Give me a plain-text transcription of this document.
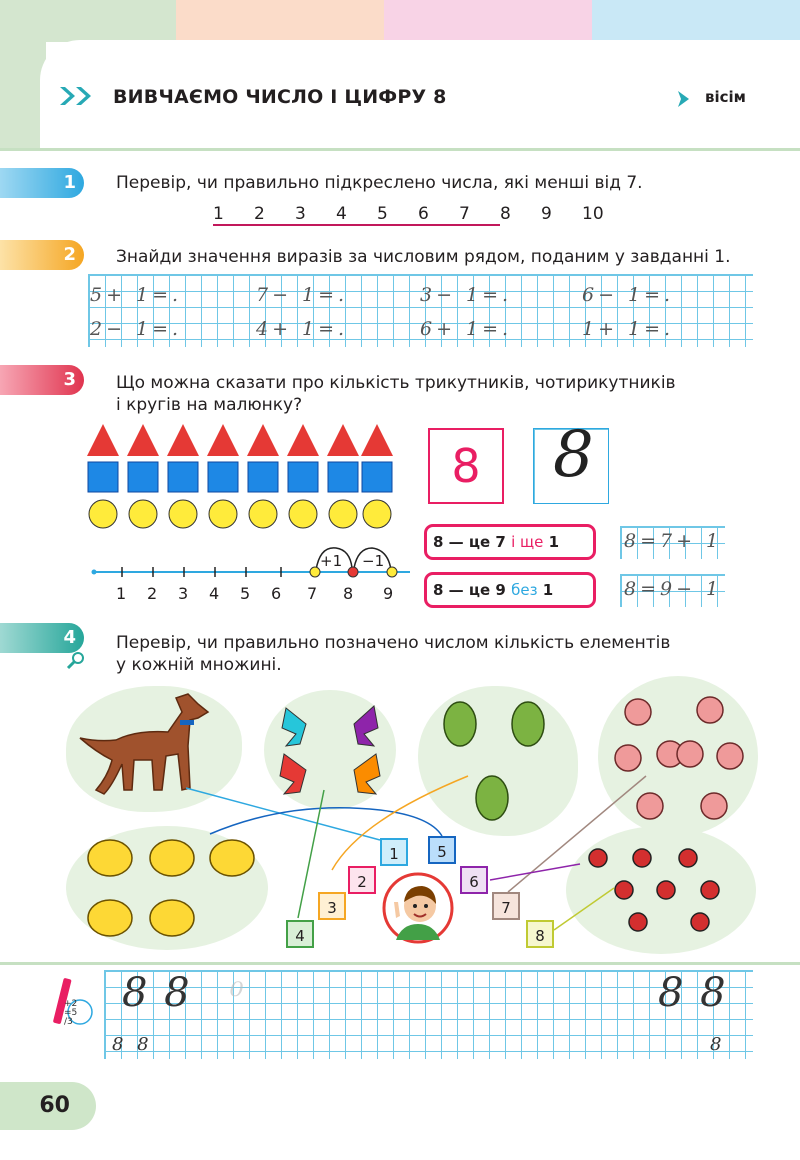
ВИВЧАЄМО ЧИСЛО І ЦИФРУ 8	вісім
1	Перевір, чи правильно підкреслено числа, які менші від 7.
1 2 3 4 5 6 7 8 9 10
2	Знайди значення виразів за числовим рядом, поданим у завданні 1.
5+ 1=.	7− 1=.	3− 1=.	6− 1=.
2− 1=.	4+ 1=.	6+ 1=.	1+ 1=.
3	Що можна сказати про кількість трикутників, чотирикутників
і кругів на малюнку?
+1 −1
1 2 3 4 5 6 7 8 9
8	8
8 — це 7 і ще 1
8 — це 9 без 1
8=7+ 1
8=9− 1
4	Перевір, чи правильно позначено числом кількість елементів
у кожній множині.
1	5
2	6
3	7
4	8
+2 =5 /3
8 8	8 8
8 8	8
⁰
60
